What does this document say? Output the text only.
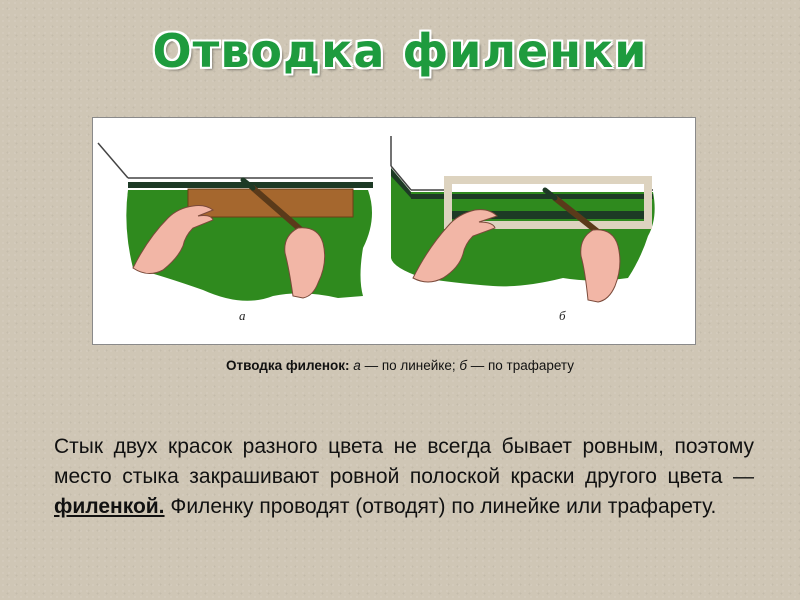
Отводка филенки
а	б
Отводка филенок: а — по линейке; б — по трафарету
Стык двух красок разного цвета не всегда бывает ровным, поэтому место стыка закрашивают ровной полоской краски другого цвета — филенкой. Филенку проводят (отводят) по линейке или трафарету.
